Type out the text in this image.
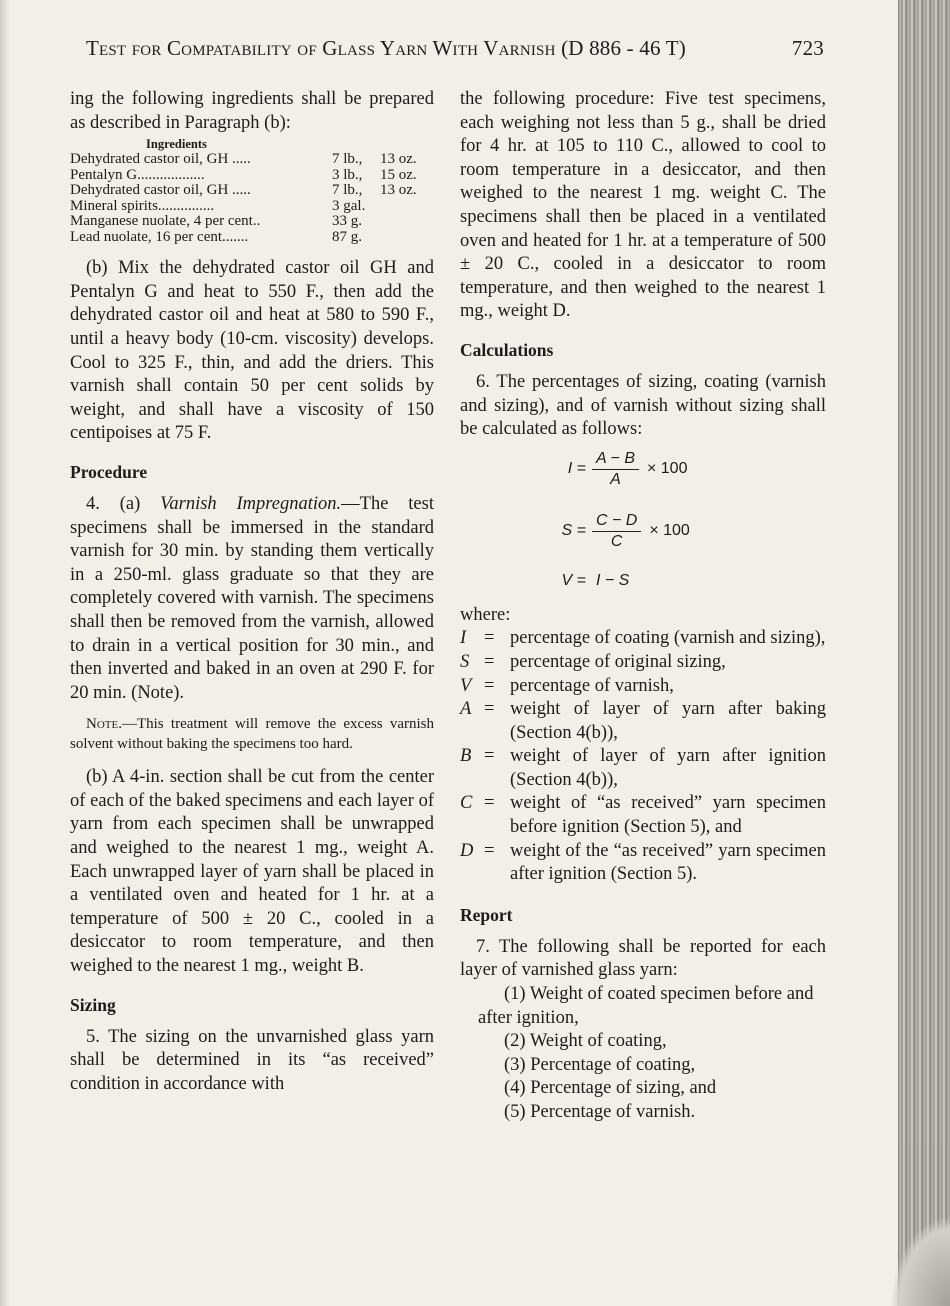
Test for Compatability of Glass Yarn With Varnish (D 886 - 46 T)	723

ing the following ingredients shall be prepared as described in Paragraph (b):

Ingredients
Dehydrated castor oil, GH .....	7 lb.,	13 oz.
Pentalyn G..................	3 lb.,	15 oz.
Dehydrated castor oil, GH .....	7 lb.,	13 oz.
Mineral spirits...............	3 gal.	
Manganese nuolate, 4 per cent..	33 g.	
Lead nuolate, 16 per cent.......	87 g.	

(b) Mix the dehydrated castor oil GH and Pentalyn G and heat to 550 F., then add the dehydrated castor oil and heat at 580 to 590 F., until a heavy body (10-cm. viscosity) develops. Cool to 325 F., thin, and add the driers. This varnish shall contain 50 per cent solids by weight, and shall have a viscosity of 150 centipoises at 75 F.

Procedure

4. (a) Varnish Impregnation.—The test specimens shall be immersed in the standard varnish for 30 min. by standing them vertically in a 250-ml. glass graduate so that they are completely covered with varnish. The specimens shall then be removed from the varnish, allowed to drain in a vertical position for 30 min., and then inverted and baked in an oven at 290 F. for 20 min. (Note).

Note.—This treatment will remove the excess varnish solvent without baking the specimens too hard.

(b) A 4-in. section shall be cut from the center of each of the baked specimens and each layer of yarn from each specimen shall be unwrapped and weighed to the nearest 1 mg., weight A. Each unwrapped layer of yarn shall be placed in a ventilated oven and heated for 1 hr. at a temperature of 500 ± 20 C., cooled in a desiccator to room temperature, and then weighed to the nearest 1 mg., weight B.

Sizing

5. The sizing on the unvarnished glass yarn shall be determined in its “as received” condition in accordance with

the following procedure: Five test specimens, each weighing not less than 5 g., shall be dried for 4 hr. at 105 to 110 C., allowed to cool to room temperature in a desiccator, and then weighed to the nearest 1 mg. weight C. The specimens shall then be placed in a ventilated oven and heated for 1 hr. at a temperature of 500 ± 20 C., cooled in a desiccator to room temperature, and then weighed to the nearest 1 mg., weight D.

Calculations

6. The percentages of sizing, coating (varnish and sizing), and of varnish without sizing shall be calculated as follows:

$I = \frac{A - B}{A} \times 100$
$S = \frac{C - D}{C} \times 100$
V = I − S

where:

I	=	percentage of coating (varnish and sizing),
S	=	percentage of original sizing,
V	=	percentage of varnish,
A	=	weight of layer of yarn after baking (Section 4(b)),
B	=	weight of layer of yarn after ignition (Section 4(b)),
C	=	weight of “as received” yarn specimen before ignition (Section 5), and
D	=	weight of the “as received” yarn specimen after ignition (Section 5).
Report

7. The following shall be reported for each layer of varnished glass yarn:

(1) Weight of coated specimen before and after ignition,
(2) Weight of coating,
(3) Percentage of coating,
(4) Percentage of sizing, and
(5) Percentage of varnish.
